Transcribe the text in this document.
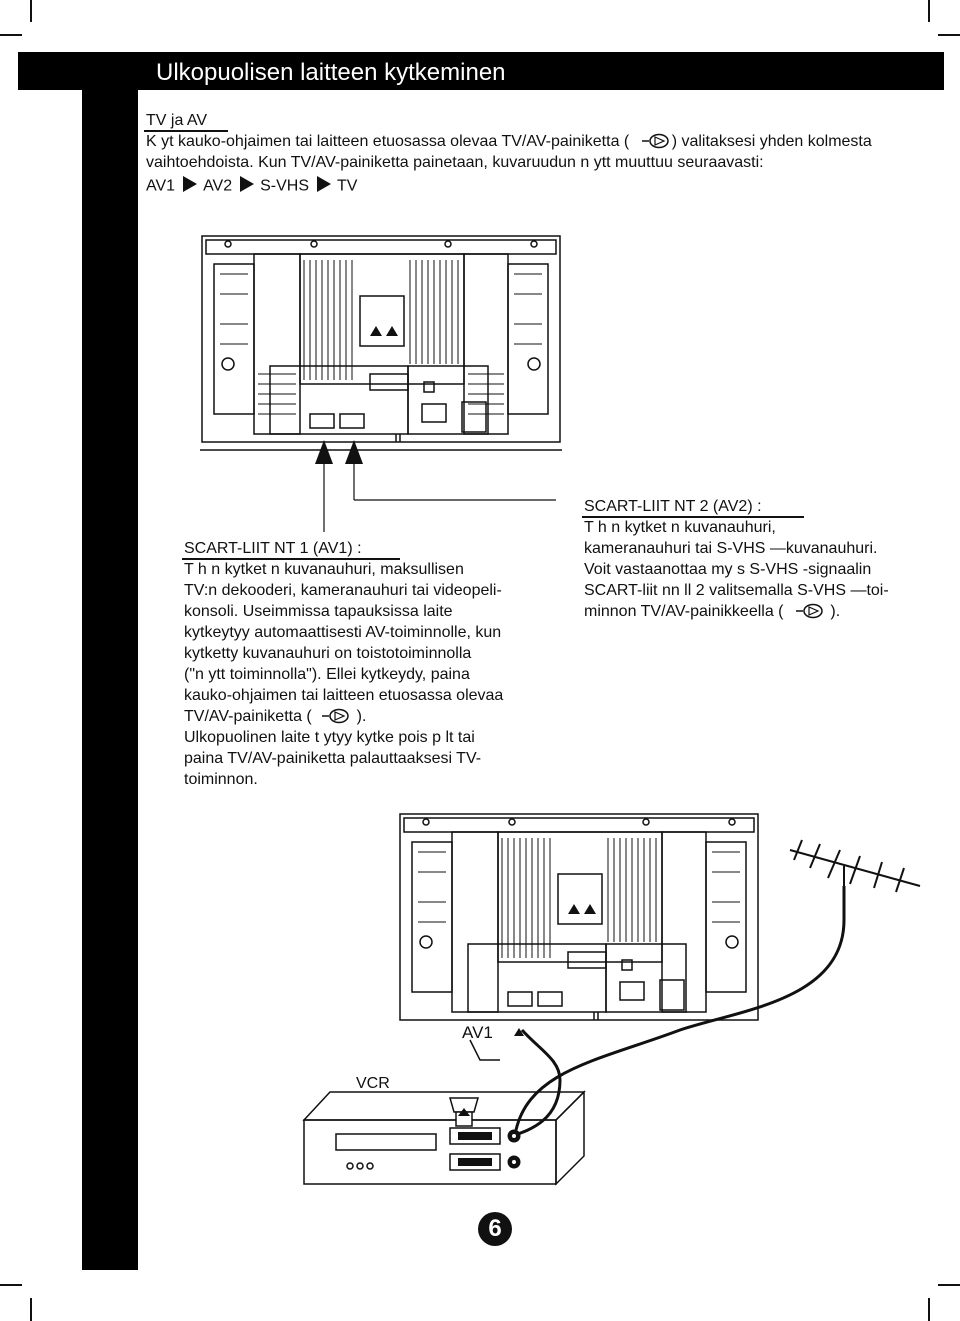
Ulkopuolisen laitteen kytkeminen
TV ja AV
K yt kauko-ohjaimen tai laitteen etuosassa olevaa TV/AV-painiketta (	) valitaksesi yhden kolmesta
vaihtoehdoista. Kun TV/AV-painiketta painetaan, kuvaruudun n ytt muuttuu seuraavasti:
AV1 AV2 S-VHS TV
SCART-LIIT NT 1 (AV1) :
T h n kytket n kuvanauhuri, maksullisen
TV:n dekooderi, kameranauhuri tai videopeli-
konsoli. Useimmissa tapauksissa laite
kytkeytyy automaattisesti AV-toiminnolle, kun
kytketty kuvanauhuri on toistotoiminnolla
("n ytt toiminnolla"). Ellei kytkeydy, paina
kauko-ohjaimen tai laitteen etuosassa olevaa
TV/AV-painiketta (	).
Ulkopuolinen laite t ytyy kytke pois p lt tai
paina TV/AV-painiketta palauttaaksesi TV-
toiminnon.
SCART-LIIT NT 2 (AV2) :
T h n kytket n kuvanauhuri,
kameranauhuri tai S-VHS —kuvanauhuri.
Voit vastaanottaa my s S-VHS -signaalin
SCART-liit nn ll 2 valitsemalla S-VHS —toi-
minnon TV/AV-painikkeella (	).
AV1
VCR
6
